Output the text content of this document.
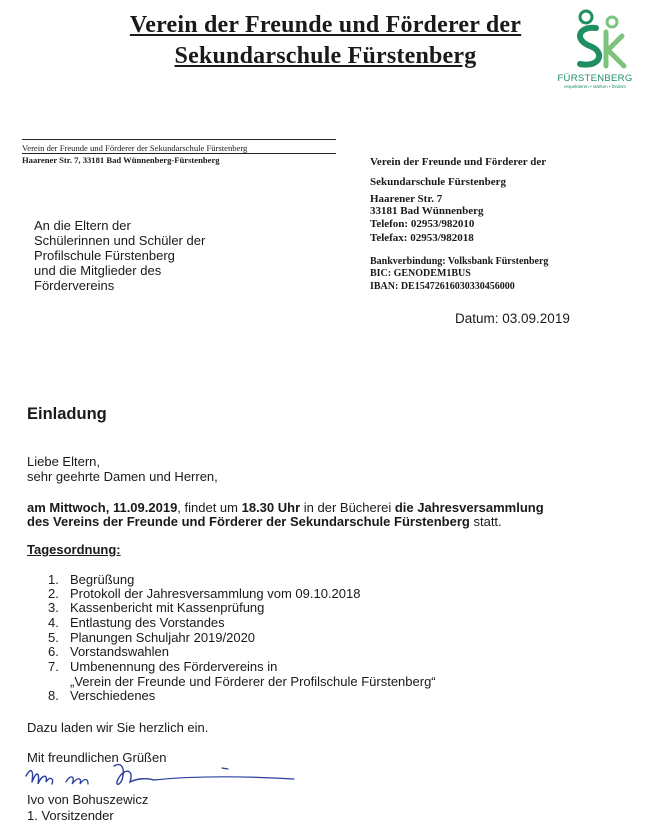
Verein der Freunde und Förderer der
Sekundarschule Fürstenberg
FÜRSTENBERG
respektieren • stärken • fördern
Verein der Freunde und Förderer der Sekundarschule Fürstenberg
Haarener Str. 7, 33181 Bad Wünnenberg-Fürstenberg
An die Eltern der
Schülerinnen und Schüler der
Profilschule Fürstenberg
und die Mitglieder des
Fördervereins
Verein der Freunde und Förderer der
Sekundarschule Fürstenberg
Haarener Str. 7
33181 Bad Wünnenberg
Telefon: 02953/982010
Telefax: 02953/982018
Bankverbindung: Volksbank Fürstenberg
BIC: GENODEM1BUS
IBAN: DE15472616030330456000
Datum: 03.09.2019
Einladung
Liebe Eltern,
sehr geehrte Damen und Herren,
am Mittwoch, 11.09.2019, findet um 18.30 Uhr in der Bücherei die Jahresversammlung
des Vereins der Freunde und Förderer der Sekundarschule Fürstenberg statt.
Tagesordnung:
1. Begrüßung
2. Protokoll der Jahresversammlung vom 09.10.2018
3. Kassenbericht mit Kassenprüfung
4. Entlastung des Vorstandes
5. Planungen Schuljahr 2019/2020
6. Vorstandswahlen
7. Umbenennung des Fördervereins in
„Verein der Freunde und Förderer der Profilschule Fürstenberg“
8. Verschiedenes
Dazu laden wir Sie herzlich ein.
Mit freundlichen Grüßen
Ivo von Bohuszewicz
1. Vorsitzender
